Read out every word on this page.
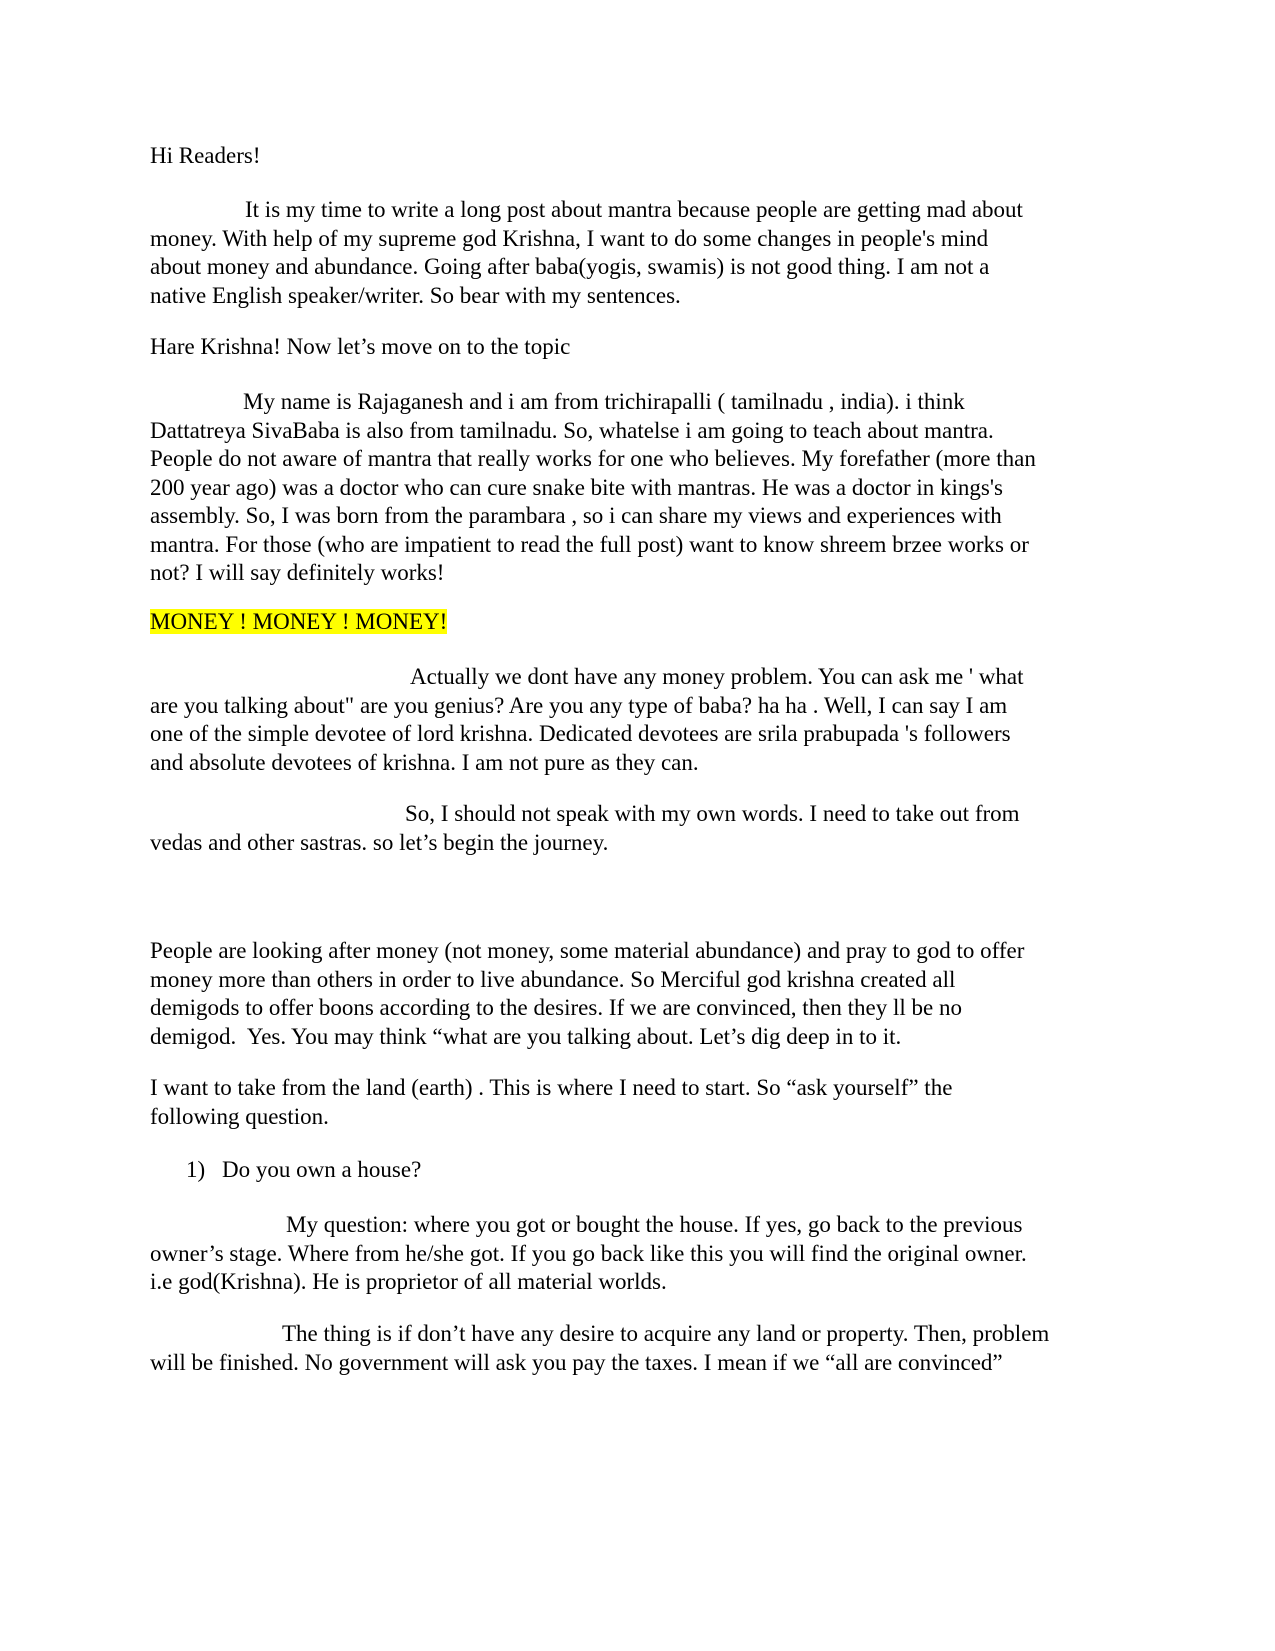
Hi Readers!

It is my time to write a long post about mantra because people are getting mad about
money. With help of my supreme god Krishna, I want to do some changes in people's mind
about money and abundance. Going after baba(yogis, swamis) is not good thing. I am not a
native English speaker/writer. So bear with my sentences.

Hare Krishna! Now let’s move on to the topic

My name is Rajaganesh and i am from trichirapalli ( tamilnadu , india). i think
Dattatreya SivaBaba is also from tamilnadu. So, whatelse i am going to teach about mantra.
People do not aware of mantra that really works for one who believes. My forefather (more than
200 year ago) was a doctor who can cure snake bite with mantras. He was a doctor in kings's
assembly. So, I was born from the parambara , so i can share my views and experiences with
mantra. For those (who are impatient to read the full post) want to know shreem brzee works or
not? I will say definitely works!

MONEY ! MONEY ! MONEY!

Actually we dont have any money problem. You can ask me ' what
are you talking about" are you genius? Are you any type of baba? ha ha . Well, I can say I am
one of the simple devotee of lord krishna. Dedicated devotees are srila prabupada 's followers
and absolute devotees of krishna. I am not pure as they can.

So, I should not speak with my own words. I need to take out from
vedas and other sastras. so let’s begin the journey.

People are looking after money (not money, some material abundance) and pray to god to offer
money more than others in order to live abundance. So Merciful god krishna created all
demigods to offer boons according to the desires. If we are convinced, then they ll be no
demigod.  Yes. You may think “what are you talking about. Let’s dig deep in to it.

I want to take from the land (earth) . This is where I need to start. So “ask yourself” the
following question.

1) Do you own a house?

My question: where you got or bought the house. If yes, go back to the previous
owner’s stage. Where from he/she got. If you go back like this you will find the original owner.
i.e god(Krishna). He is proprietor of all material worlds.

The thing is if don’t have any desire to acquire any land or property. Then, problem
will be finished. No government will ask you pay the taxes. I mean if we “all are convinced”
